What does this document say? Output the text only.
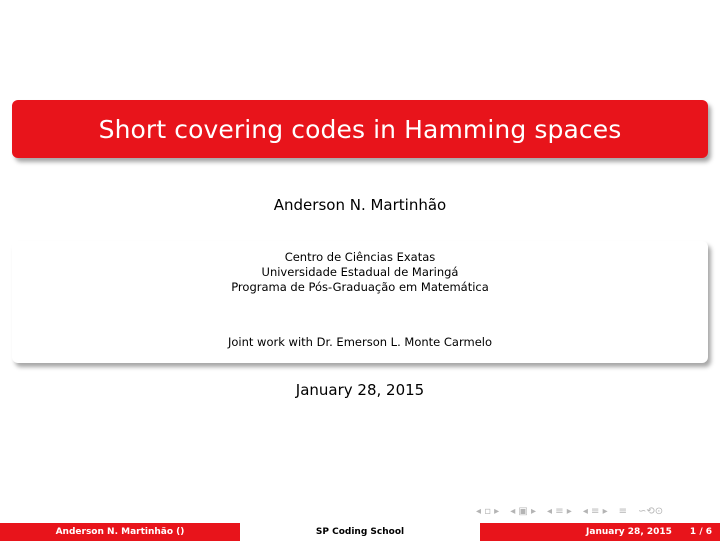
Short covering codes in Hamming spaces
Anderson N. Martinhão
Centro de Ciências Exatas
Universidade Estadual de Maringá
Programa de Pós-Graduação em Matemática
Joint work with Dr. Emerson L. Monte Carmelo
January 28, 2015
◂ ▫ ▸ ◂ ▣ ▸ ◂ ≡ ▸ ◂ ≡ ▸ ≡ ∽⟲⊙
Anderson N. Martinhão ()	SP Coding School	January 28, 2015 1 / 6
